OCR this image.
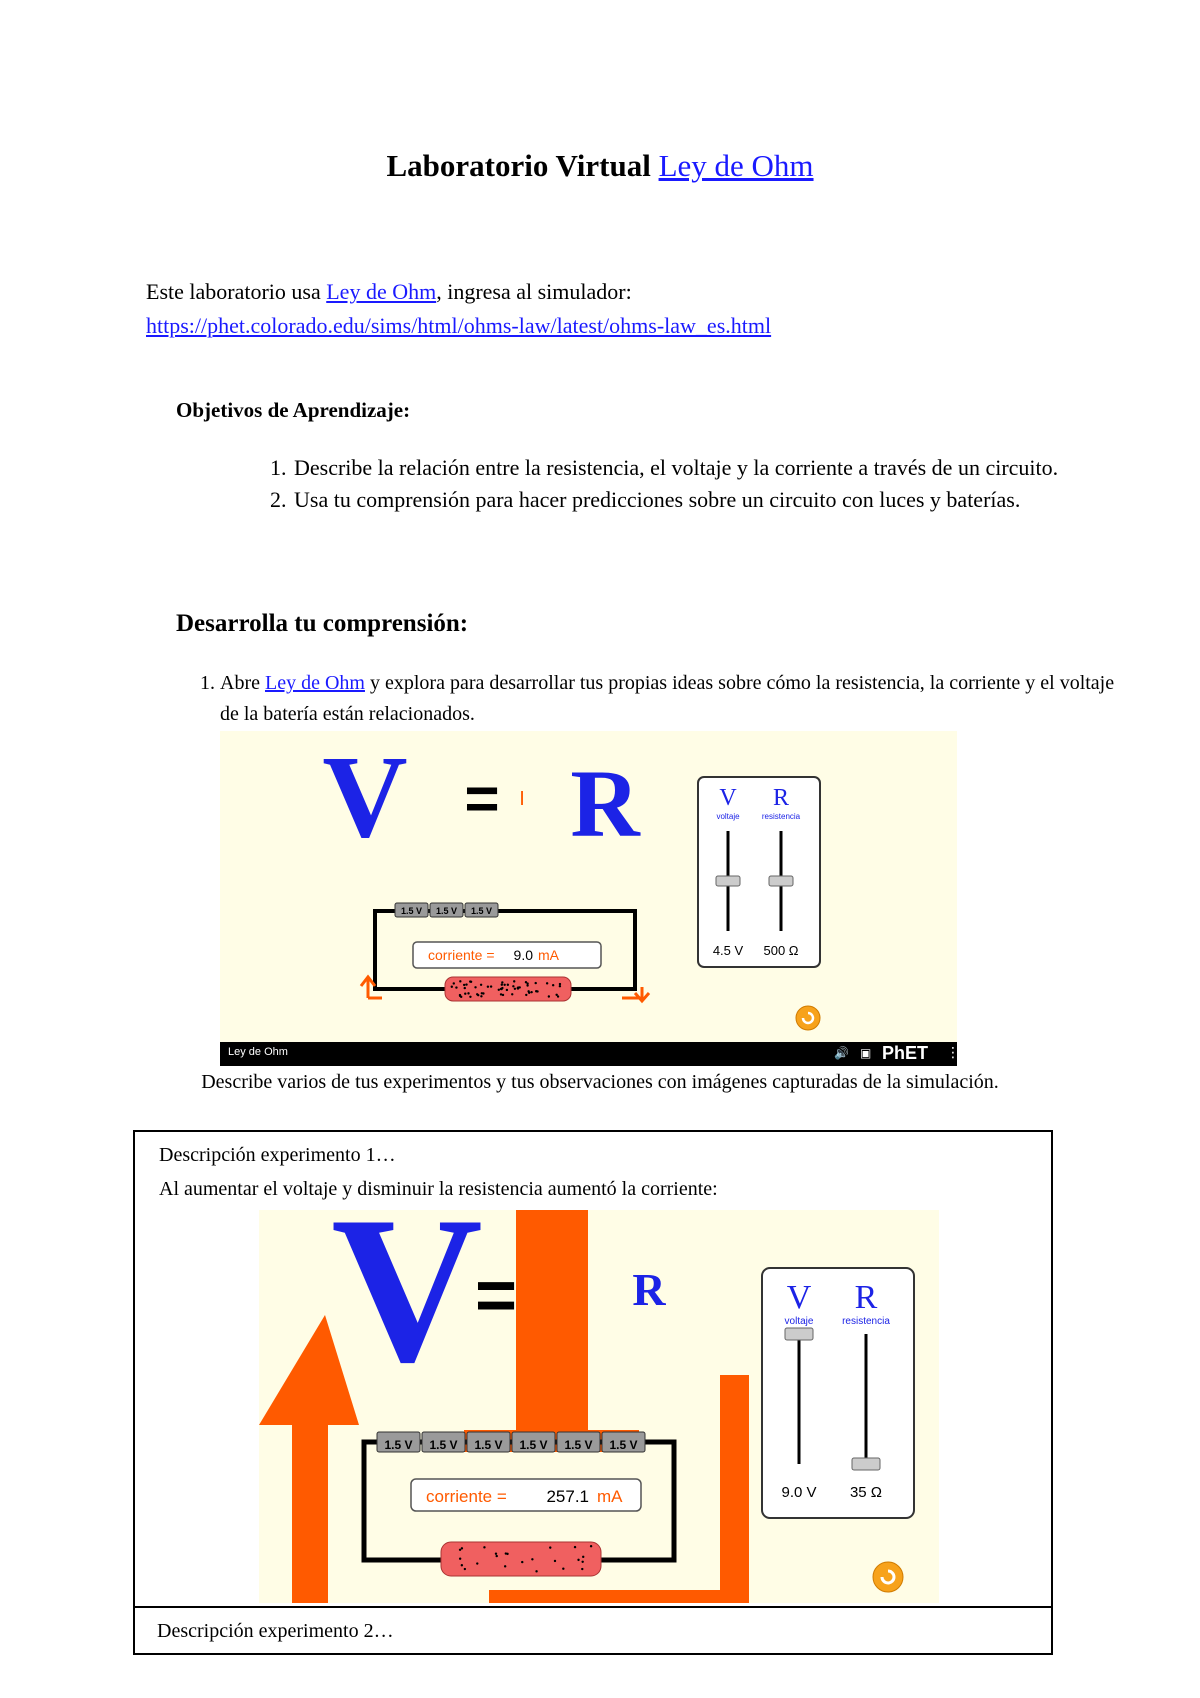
Laboratorio Virtual Ley de Ohm
Este laboratorio usa Ley de Ohm, ingresa al simulador:
https://phet.colorado.edu/sims/html/ohms-law/latest/ohms-law_es.html
Objetivos de Aprendizaje:
1. Describe la relación entre la resistencia, el voltaje y la corriente a través de un circuito.
2. Usa tu comprensión para hacer predicciones sobre un circuito con luces y baterías.
Desarrolla tu comprensión:
1. Abre Ley de Ohm y explora para desarrollar tus propias ideas sobre cómo la resistencia, la corriente y el voltaje de la batería están relacionados.
V = I R	V
voltaje
R
resistencia
4.5 V 500 Ω
1.5 V 1.5 V 1.5 V
corriente = 9.0 mA
Ley de Ohm	🔊 ▣ PhET ⋮
Describe varios de tus experimentos y tus observaciones con imágenes capturadas de la simulación.
Descripción experimento 1…
Al aumentar el voltaje y disminuir la resistencia aumentó la corriente:
V
=	R	V
voltaje
R
resistencia
9.0 V 35 Ω
1.5 V 1.5 V 1.5 V 1.5 V 1.5 V 1.5 V
corriente = 257.1 mA
Descripción experimento 2…
